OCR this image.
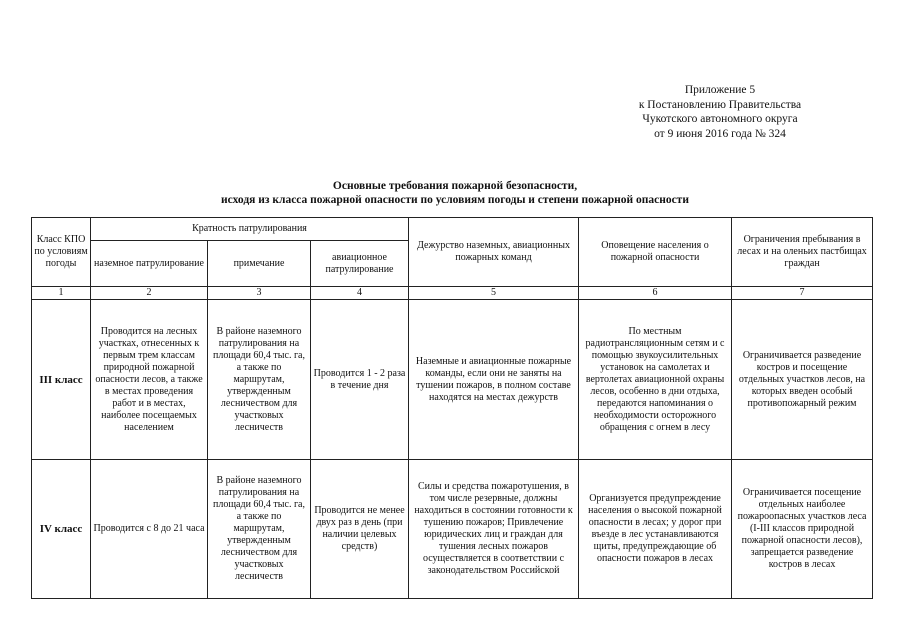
Приложение 5
к Постановлению Правительства
Чукотского автономного округа
от 9 июня 2016 года № 324
Основные требования пожарной безопасности,
исходя из класса пожарной опасности по условиям погоды и степени пожарной опасности
Класс КПО по условиям погоды	Кратность патрулирования			Дежурство наземных, авиационных пожарных команд	Оповещение населения о пожарной опасности	Ограничения пребывания в лесах и на оленьих пастбищах граждан
	наземное патрулирование	примечание	авиационное патрулирование			
1	2	3	4	5	6	7
III класс	Проводится на лесных участках, отнесенных к первым трем классам природной пожарной опасности лесов, а также в местах проведения работ и в местах, наиболее посещаемых населением	В районе наземного патрулирования на площади 60,4 тыс. га, а также по маршрутам, утвержденным лесничеством для участковых лесничеств	Проводится 1 - 2 раза в течение дня	Наземные и авиационные пожарные команды, если они не заняты на тушении пожаров, в полном составе находятся на местах дежурств	По местным радиотрансляционным сетям и с помощью звукоусилительных установок на самолетах и вертолетах авиационной охраны лесов, особенно в дни отдыха, передаются напоминания о необходимости осторожного обращения с огнем в лесу	Ограничивается разведение костров и посещение отдельных участков лесов, на которых введен особый противопожарный режим
IV класс	Проводится с 8 до 21 часа	В районе наземного патрулирования на площади 60,4 тыс. га, а также по маршрутам, утвержденным лесничеством для участковых лесничеств	Проводится не менее двух раз в день (при наличии целевых средств)	Силы и средства пожаротушения, в том числе резервные, должны находиться в состоянии готовности к тушению пожаров; Привлечение юридических лиц и граждан для тушения лесных пожаров осуществляется в соответствии с законодательством Российской	Организуется предупреждение населения о высокой пожарной опасности в лесах; у дорог при въезде в лес устанавливаются щиты, предупреждающие об опасности пожаров в лесах	Ограничивается посещение отдельных наиболее пожароопасных участков леса (I-III классов природной пожарной опасности лесов), запрещается разведение костров в лесах
